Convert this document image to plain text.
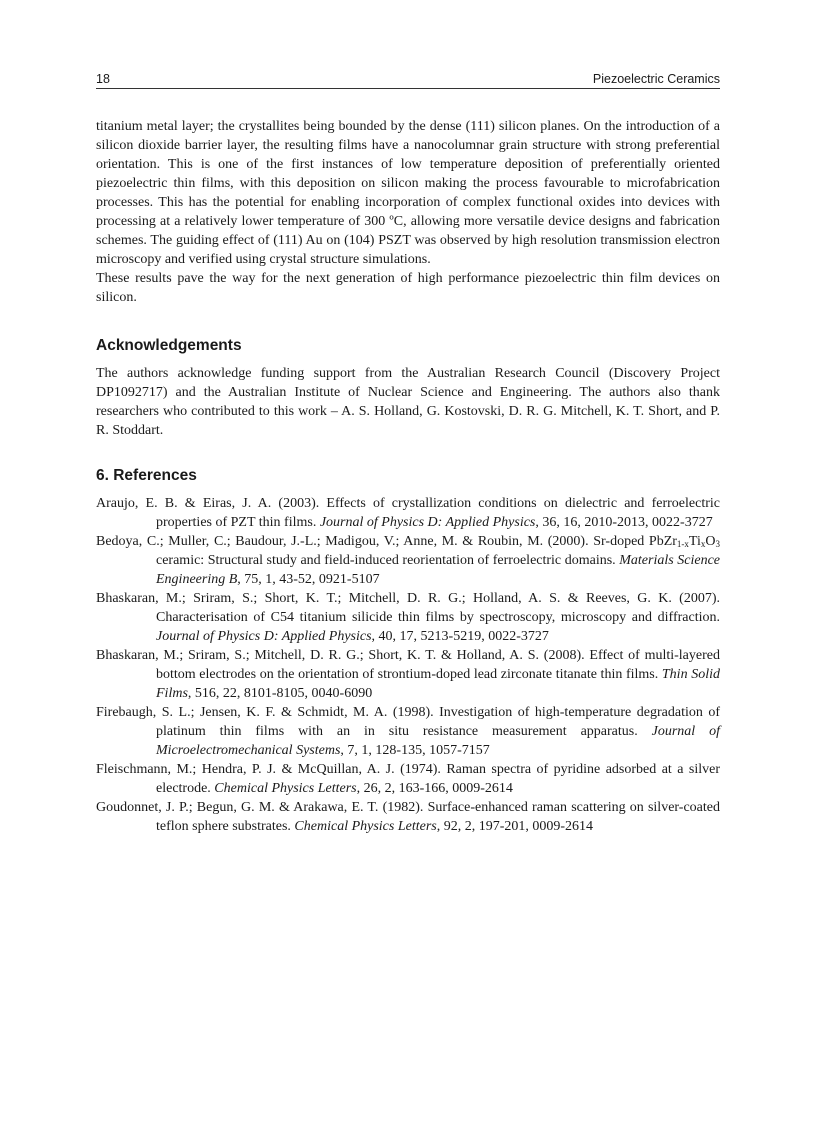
18	Piezoelectric Ceramics

titanium metal layer; the crystallites being bounded by the dense (111) silicon planes. On the introduction of a silicon dioxide barrier layer, the resulting films have a nanocolumnar grain structure with strong preferential orientation. This is one of the first instances of low temperature deposition of preferentially oriented piezoelectric thin films, with this deposition on silicon making the process favourable to microfabrication processes. This has the potential for enabling incorporation of complex functional oxides into devices with processing at a relatively lower temperature of 300 ºC, allowing more versatile device designs and fabrication schemes. The guiding effect of (111) Au on (104) PSZT was observed by high resolution transmission electron microscopy and verified using crystal structure simulations.

These results pave the way for the next generation of high performance piezoelectric thin film devices on silicon.

Acknowledgements

The authors acknowledge funding support from the Australian Research Council (Discovery Project DP1092717) and the Australian Institute of Nuclear Science and Engineering. The authors also thank researchers who contributed to this work – A. S. Holland, G. Kostovski, D. R. G. Mitchell, K. T. Short, and P. R. Stoddart.

6. References

Araujo, E. B. & Eiras, J. A. (2003). Effects of crystallization conditions on dielectric and ferroelectric properties of PZT thin films. Journal of Physics D: Applied Physics, 36, 16, 2010-2013, 0022-3727

Bedoya, C.; Muller, C.; Baudour, J.-L.; Madigou, V.; Anne, M. & Roubin, M. (2000). Sr-doped $PbZr_{1-x}Ti_xO_3$ ceramic: Structural study and field-induced reorientation of ferroelectric domains. Materials Science Engineering B, 75, 1, 43-52, 0921-5107

Bhaskaran, M.; Sriram, S.; Short, K. T.; Mitchell, D. R. G.; Holland, A. S. & Reeves, G. K. (2007). Characterisation of C54 titanium silicide thin films by spectroscopy, microscopy and diffraction. Journal of Physics D: Applied Physics, 40, 17, 5213-5219, 0022-3727

Bhaskaran, M.; Sriram, S.; Mitchell, D. R. G.; Short, K. T. & Holland, A. S. (2008). Effect of multi-layered bottom electrodes on the orientation of strontium-doped lead zirconate titanate thin films. Thin Solid Films, 516, 22, 8101-8105, 0040-6090

Firebaugh, S. L.; Jensen, K. F. & Schmidt, M. A. (1998). Investigation of high-temperature degradation of platinum thin films with an in situ resistance measurement apparatus. Journal of Microelectromechanical Systems, 7, 1, 128-135, 1057-7157

Fleischmann, M.; Hendra, P. J. & McQuillan, A. J. (1974). Raman spectra of pyridine adsorbed at a silver electrode. Chemical Physics Letters, 26, 2, 163-166, 0009-2614

Goudonnet, J. P.; Begun, G. M. & Arakawa, E. T. (1982). Surface-enhanced raman scattering on silver-coated teflon sphere substrates. Chemical Physics Letters, 92, 2, 197-201, 0009-2614
